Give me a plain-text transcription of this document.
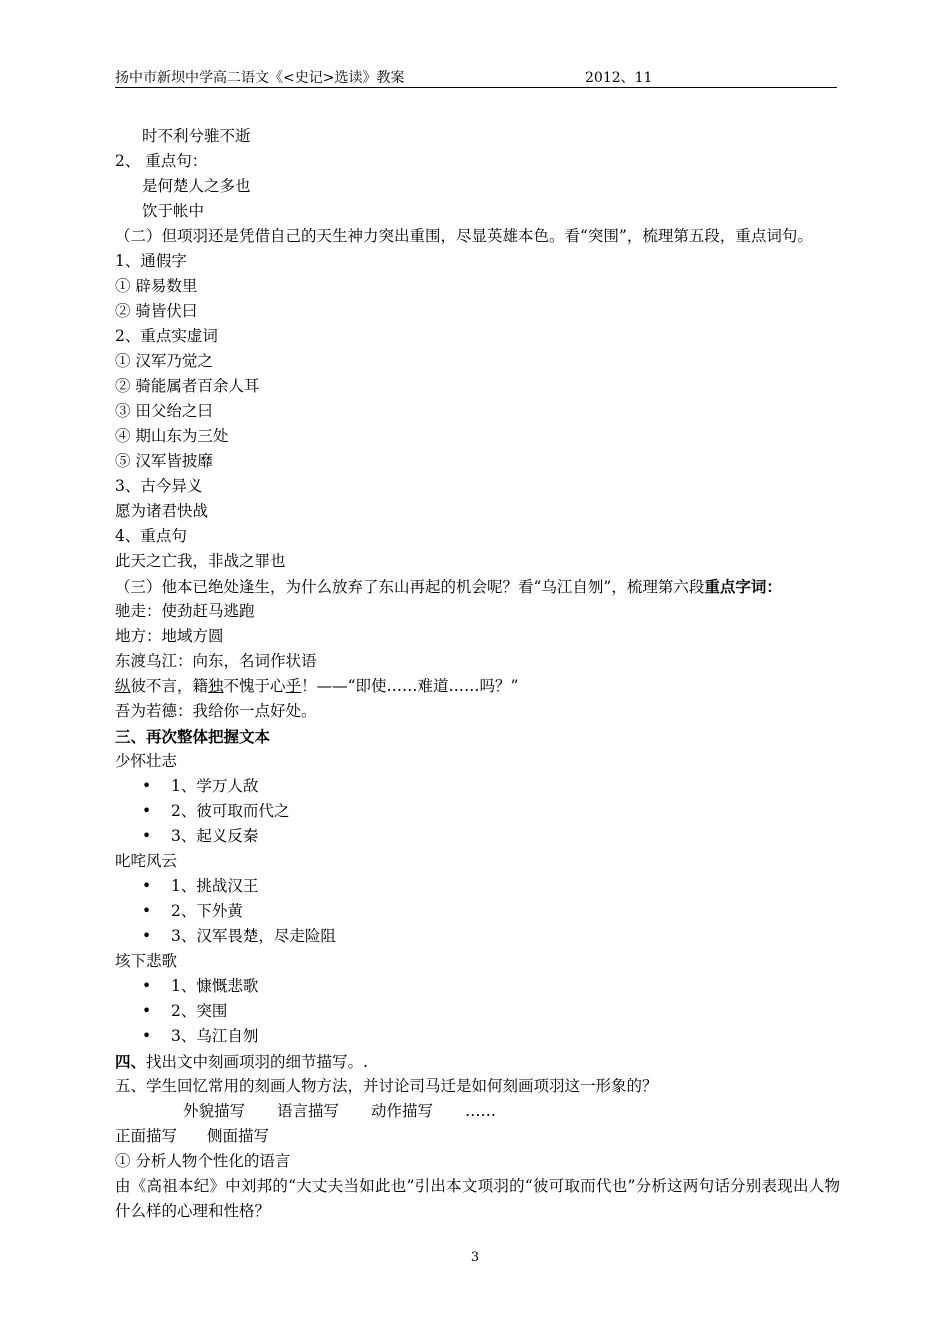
扬中市新坝中学高二语文《<史记>选读》教案	2012、11
时不利兮骓不逝
2、 重点句：
是何楚人之多也
饮于帐中
（二）但项羽还是凭借自己的天生神力突出重围，尽显英雄本色。看“突围”，梳理第五段，重点词句。
1、通假字
① 辟易数里
② 骑皆伏曰
2、重点实虚词
① 汉军乃觉之
② 骑能属者百余人耳
③ 田父绐之曰
④ 期山东为三处
⑤ 汉军皆披靡
3、古今异义
愿为诸君快战
4、重点句
此天之亡我，非战之罪也
（三）他本已绝处逢生，为什么放弃了东山再起的机会呢？看“乌江自刎”，梳理第六段重点字词：
驰走：使劲赶马逃跑
地方：地域方圆
东渡乌江：向东，名词作状语
纵彼不言，籍独不愧于心乎！——“即使……难道……吗？”
吾为若德：我给你一点好处。
三、再次整体把握文本
少怀壮志
• 1、学万人敌
• 2、彼可取而代之
• 3、起义反秦
叱咤风云
• 1、挑战汉王
• 2、下外黄
• 3、汉军畏楚，尽走险阻
垓下悲歌
• 1、慷慨悲歌
• 2、突围
• 3、乌江自刎
四、找出文中刻画项羽的细节描写。.
五、学生回忆常用的刻画人物方法，并讨论司马迁是如何刻画项羽这一形象的？
外貌描写 语言描写 动作描写 ……
正面描写 侧面描写
① 分析人物个性化的语言
由《高祖本纪》中刘邦的“大丈夫当如此也”引出本文项羽的“彼可取而代也”分析这两句话分别表现出人物什么样的心理和性格？
3
